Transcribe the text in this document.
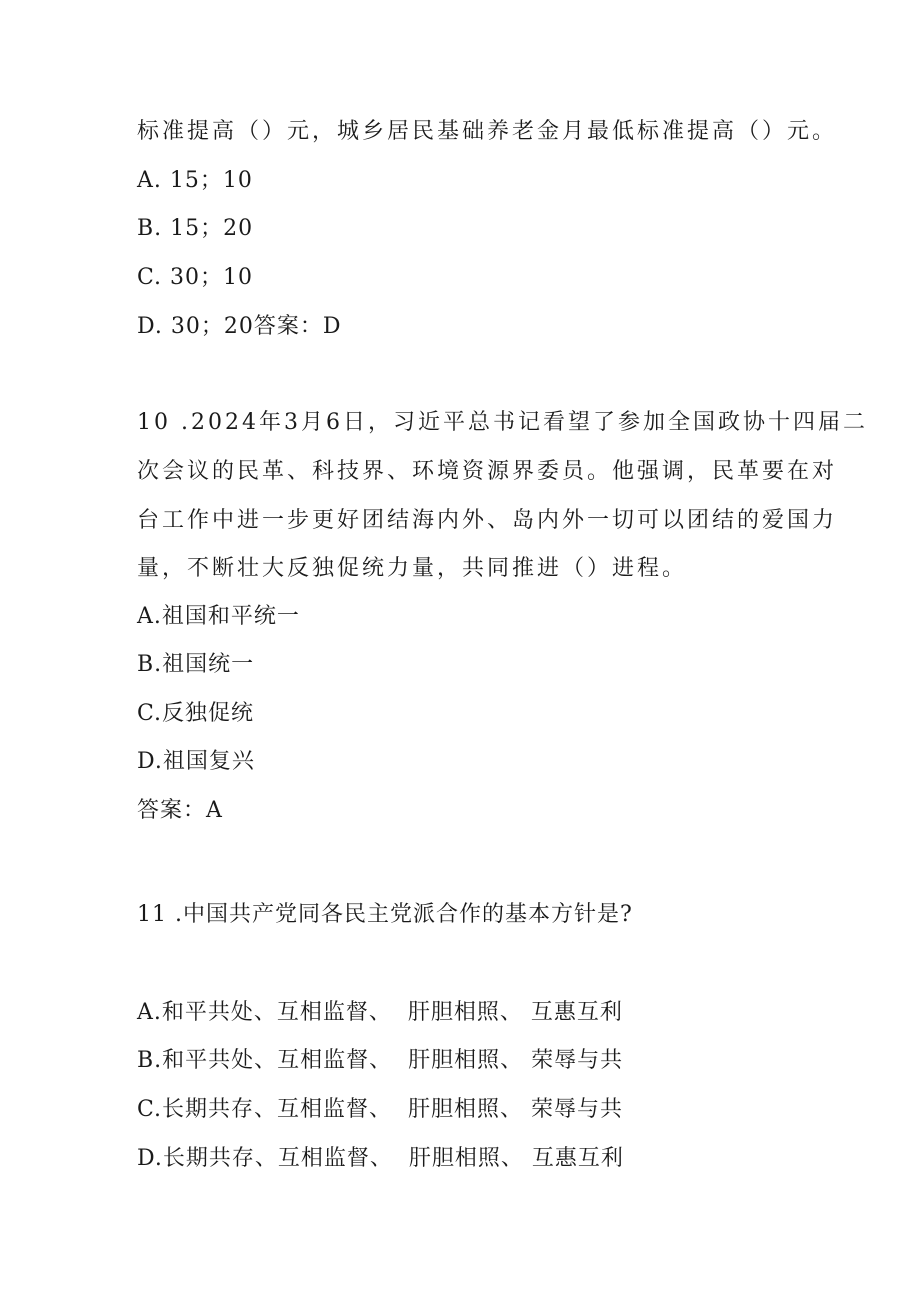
标准提高（）元，城乡居民基础养老金月最低标准提高（）元。
A. 15；10
B. 15；20
C. 30；10
D. 30；20答案：D
10 .2024年3月6日，习近平总书记看望了参加全国政协十四届二
次会议的民革、科技界、环境资源界委员。他强调，民革要在对
台工作中进一步更好团结海内外、岛内外一切可以团结的爱国力
量，不断壮大反独促统力量，共同推进（）进程。
A.祖国和平统一
B.祖国统一
C.反独促统
D.祖国复兴
答案：A
11 .中国共产党同各民主党派合作的基本方针是?
A.和平共处、互相监督、  肝胆相照、 互惠互利
B.和平共处、互相监督、  肝胆相照、 荣辱与共
C.长期共存、互相监督、  肝胆相照、 荣辱与共
D.长期共存、互相监督、  肝胆相照、 互惠互利
